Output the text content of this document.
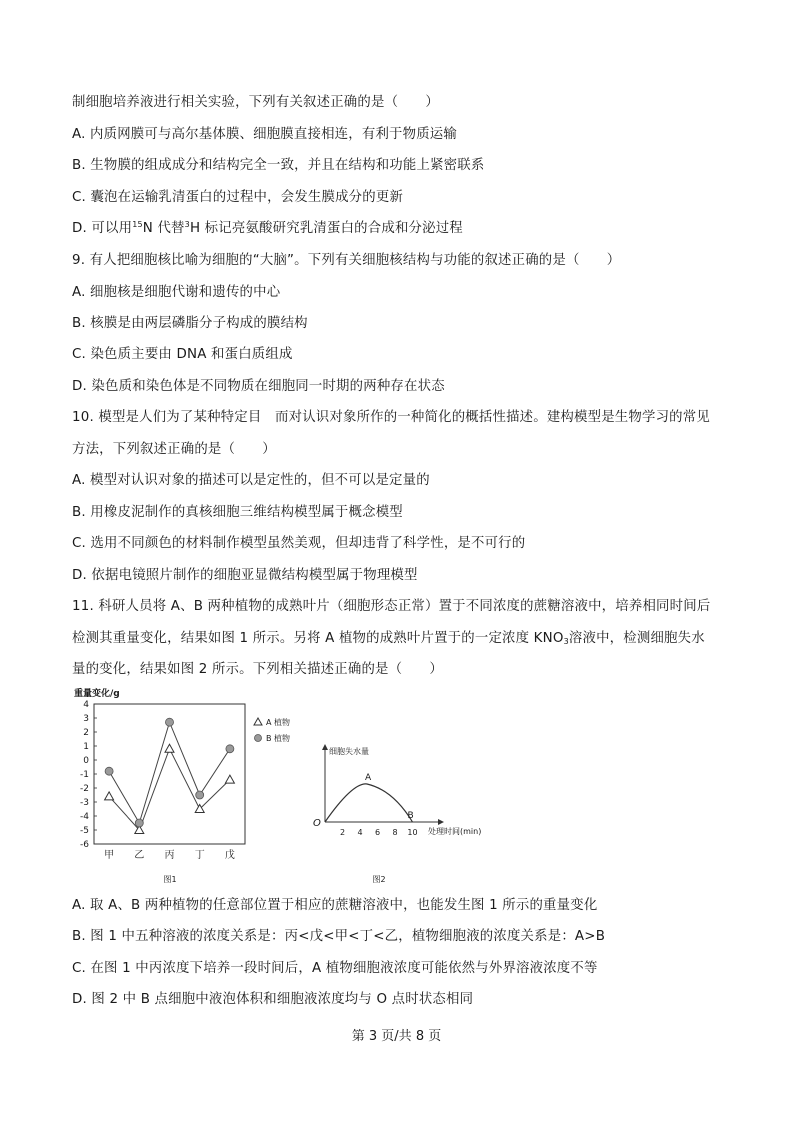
制细胞培养液进行相关实验，下列有关叙述正确的是（　　）
A. 内质网膜可与高尔基体膜、细胞膜直接相连，有利于物质运输
B. 生物膜的组成成分和结构完全一致，并且在结构和功能上紧密联系
C. 囊泡在运输乳清蛋白的过程中，会发生膜成分的更新
D. 可以用$^{15}$N 代替$^3$H 标记亮氨酸研究乳清蛋白的合成和分泌过程
9. 有人把细胞核比喻为细胞的“大脑”。下列有关细胞核结构与功能的叙述正确的是（　　）
A. 细胞核是细胞代谢和遗传的中心
B. 核膜是由两层磷脂分子构成的膜结构
C. 染色质主要由 DNA 和蛋白质组成
D. 染色质和染色体是不同物质在细胞同一时期的两种存在状态
10. 模型是人们为了某种特定目　而对认识对象所作的一种简化的概括性描述。建构模型是生物学习的常见
方法，下列叙述正确的是（　　）
A. 模型对认识对象的描述可以是定性的，但不可以是定量的
B. 用橡皮泥制作的真核细胞三维结构模型属于概念模型
C. 选用不同颜色的材料制作模型虽然美观，但却违背了科学性，是不可行的
D. 依据电镜照片制作的细胞亚显微结构模型属于物理模型
11. 科研人员将 A、B 两种植物的成熟叶片（细胞形态正常）置于不同浓度的蔗糖溶液中，培养相同时间后
检测其重量变化，结果如图 1 所示。另将 A 植物的成熟叶片置于的一定浓度 $KNO_3$溶液中，检测细胞失水
量的变化，结果如图 2 所示。下列相关描述正确的是（　　）
重量变化/g
4
3
2
1
0
-1
-2
-3
-4
-5
-6
甲 乙 丙 丁 戊
A 植物
B 植物
图1
细胞失水量
O
2 4 6 8 10 处理时间(min)
A
B
图2
A. 取 A、B 两种植物的任意部位置于相应的蔗糖溶液中，也能发生图 1 所示的重量变化
B. 图 1 中五种溶液的浓度关系是：丙<戊<甲<丁<乙，植物细胞液的浓度关系是：A>B
C. 在图 1 中丙浓度下培养一段时间后，A 植物细胞液浓度可能依然与外界溶液浓度不等
D. 图 2 中 B 点细胞中液泡体积和细胞液浓度均与 O 点时状态相同
第 3 页/共 8 页
